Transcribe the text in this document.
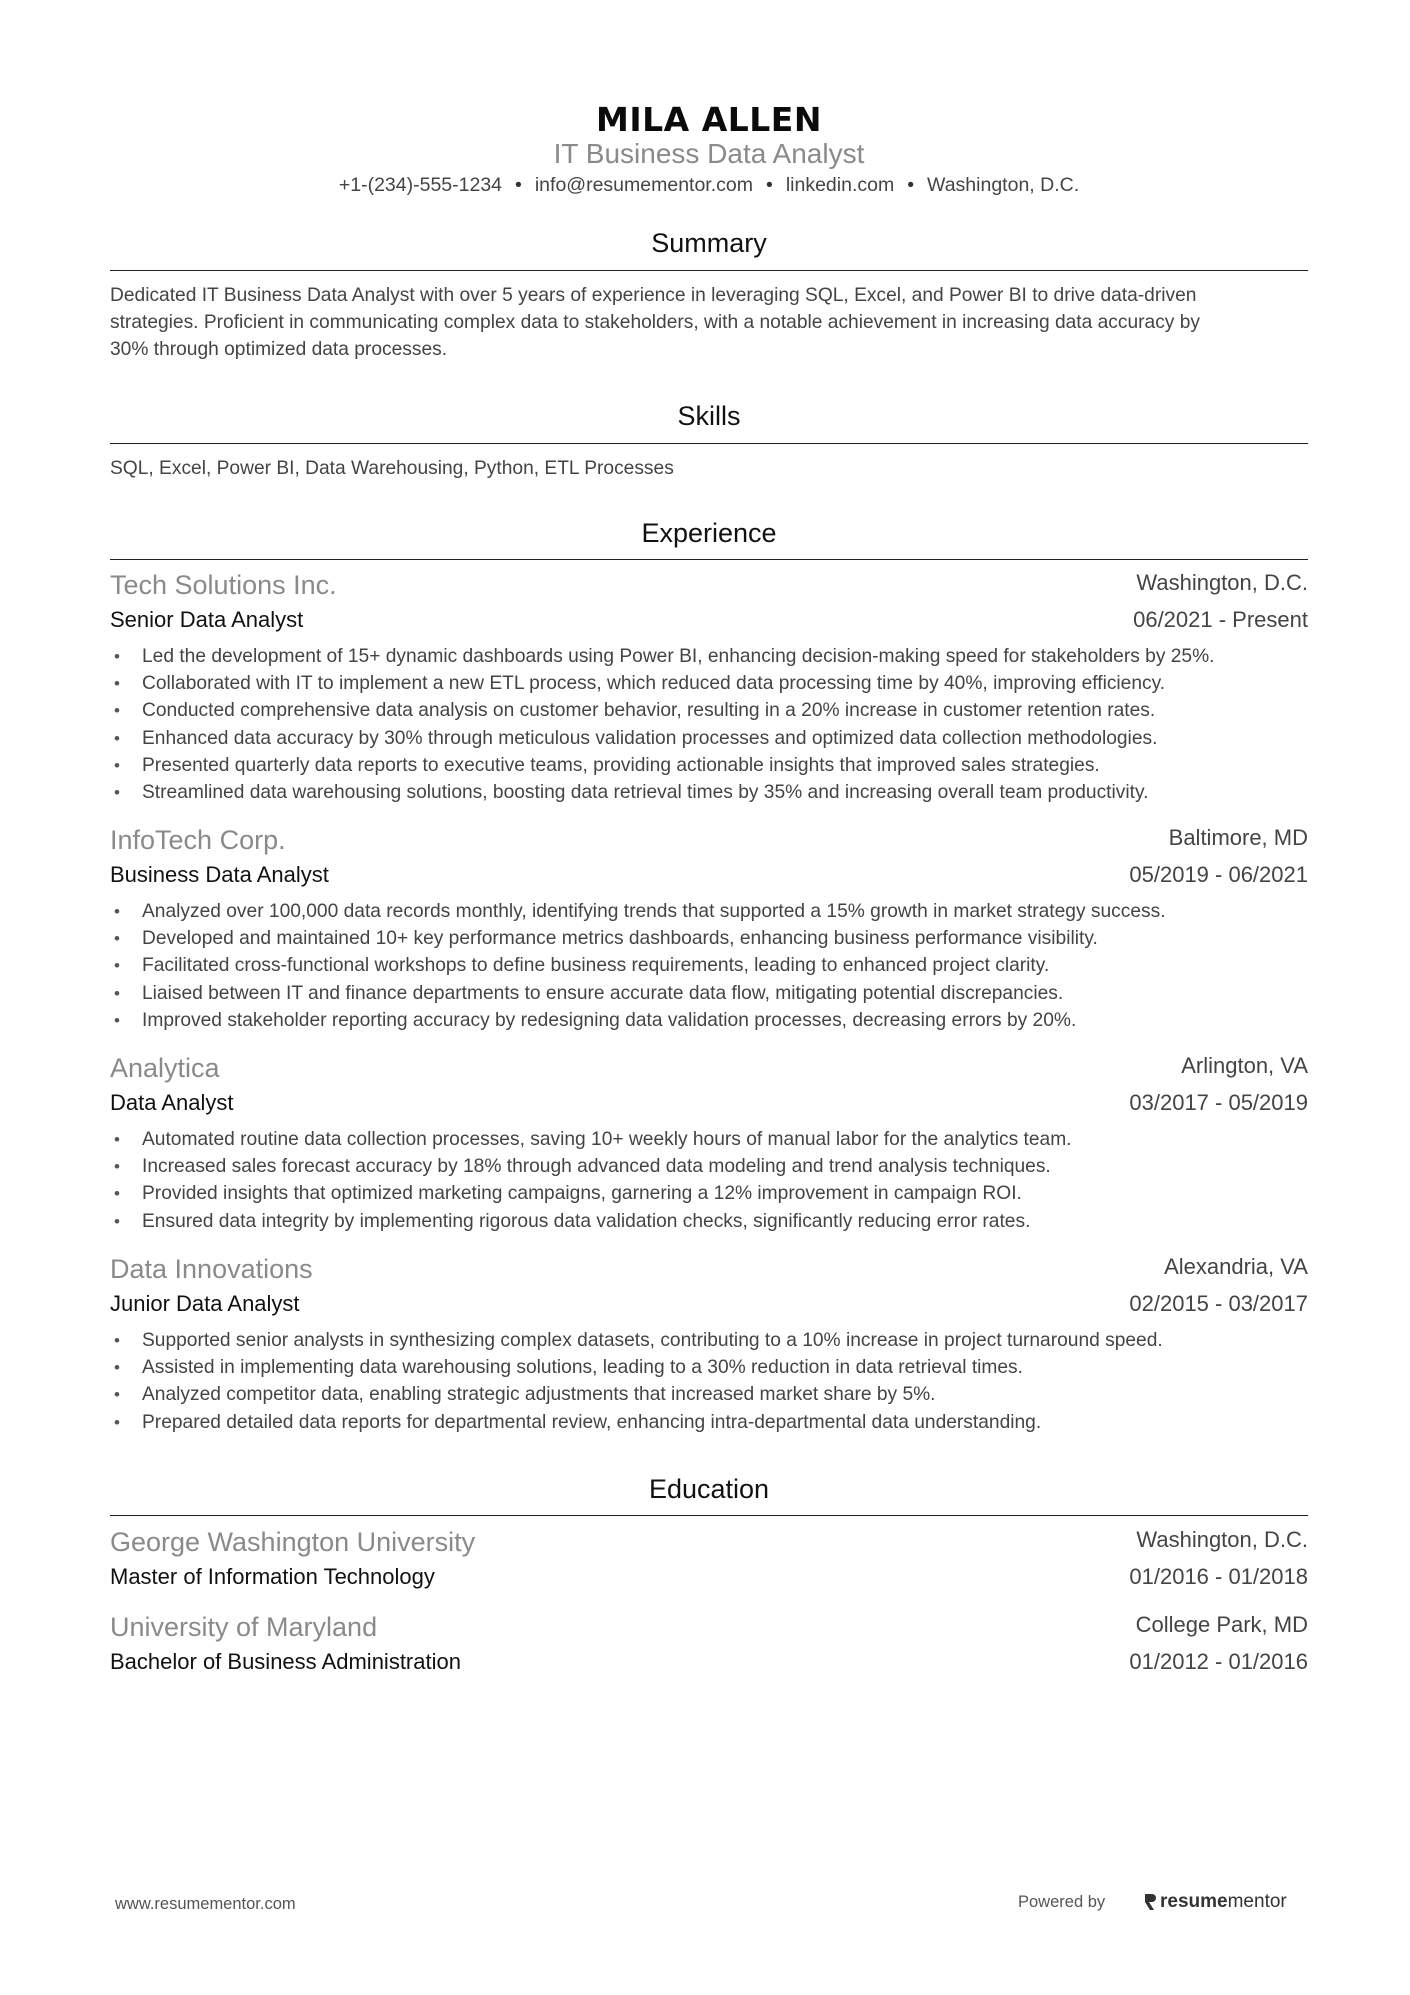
MILA ALLEN
IT Business Data Analyst
+1-(234)-555-1234 • info@resumementor.com • linkedin.com • Washington, D.C.
Summary
Dedicated IT Business Data Analyst with over 5 years of experience in leveraging SQL, Excel, and Power BI to drive data-driven
strategies. Proficient in communicating complex data to stakeholders, with a notable achievement in increasing data accuracy by
30% through optimized data processes.
Skills
SQL, Excel, Power BI, Data Warehousing, Python, ETL Processes
Experience
Tech Solutions Inc.	Washington, D.C.
Senior Data Analyst	06/2021 - Present
• Led the development of 15+ dynamic dashboards using Power BI, enhancing decision-making speed for stakeholders by 25%.
• Collaborated with IT to implement a new ETL process, which reduced data processing time by 40%, improving efficiency.
• Conducted comprehensive data analysis on customer behavior, resulting in a 20% increase in customer retention rates.
• Enhanced data accuracy by 30% through meticulous validation processes and optimized data collection methodologies.
• Presented quarterly data reports to executive teams, providing actionable insights that improved sales strategies.
• Streamlined data warehousing solutions, boosting data retrieval times by 35% and increasing overall team productivity.
InfoTech Corp.	Baltimore, MD
Business Data Analyst	05/2019 - 06/2021
• Analyzed over 100,000 data records monthly, identifying trends that supported a 15% growth in market strategy success.
• Developed and maintained 10+ key performance metrics dashboards, enhancing business performance visibility.
• Facilitated cross-functional workshops to define business requirements, leading to enhanced project clarity.
• Liaised between IT and finance departments to ensure accurate data flow, mitigating potential discrepancies.
• Improved stakeholder reporting accuracy by redesigning data validation processes, decreasing errors by 20%.
Analytica	Arlington, VA
Data Analyst	03/2017 - 05/2019
• Automated routine data collection processes, saving 10+ weekly hours of manual labor for the analytics team.
• Increased sales forecast accuracy by 18% through advanced data modeling and trend analysis techniques.
• Provided insights that optimized marketing campaigns, garnering a 12% improvement in campaign ROI.
• Ensured data integrity by implementing rigorous data validation checks, significantly reducing error rates.
Data Innovations	Alexandria, VA
Junior Data Analyst	02/2015 - 03/2017
• Supported senior analysts in synthesizing complex datasets, contributing to a 10% increase in project turnaround speed.
• Assisted in implementing data warehousing solutions, leading to a 30% reduction in data retrieval times.
• Analyzed competitor data, enabling strategic adjustments that increased market share by 5%.
• Prepared detailed data reports for departmental review, enhancing intra-departmental data understanding.
Education
George Washington University	Washington, D.C.
Master of Information Technology	01/2016 - 01/2018
University of Maryland	College Park, MD
Bachelor of Business Administration	01/2012 - 01/2016
www.resumementor.com	Powered by	resumementor
